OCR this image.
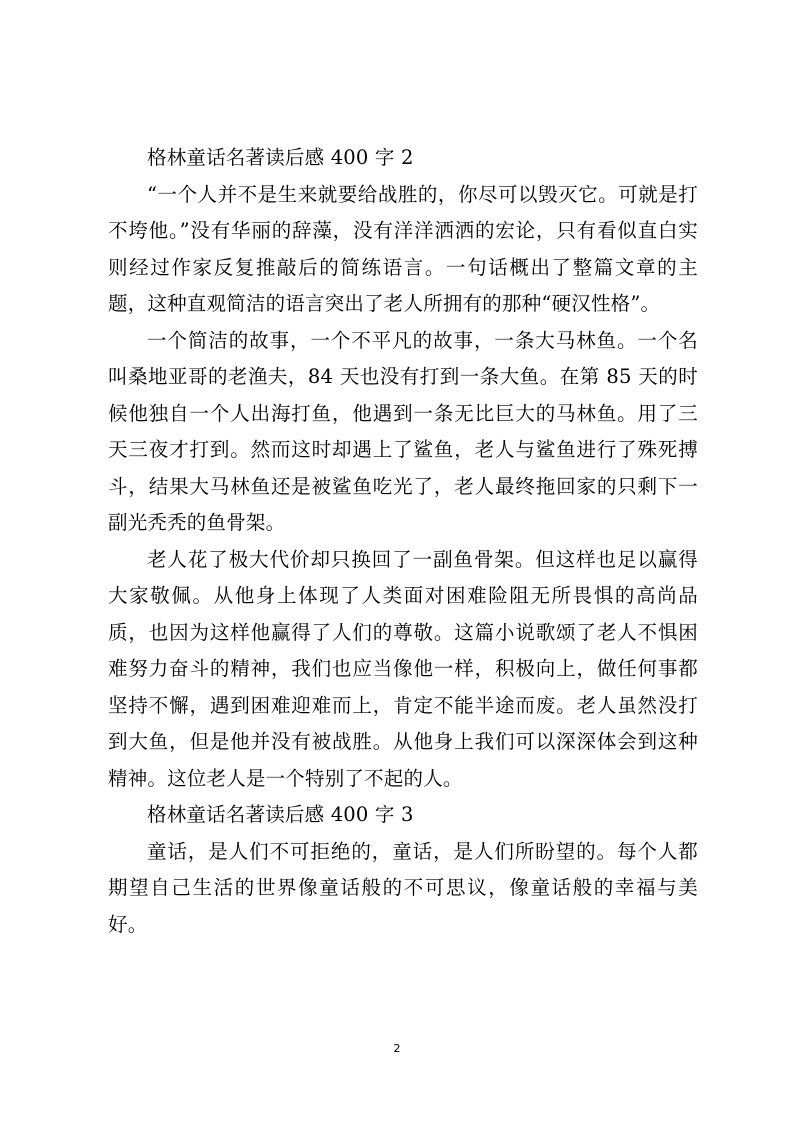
格林童话名著读后感 400 字 2

“一个人并不是生来就要给战胜的，你尽可以毁灭它。可就是打不垮他。”没有华丽的辞藻，没有洋洋洒洒的宏论，只有看似直白实则经过作家反复推敲后的简练语言。一句话概出了整篇文章的主题，这种直观简洁的语言突出了老人所拥有的那种“硬汉性格”。

一个简洁的故事，一个不平凡的故事，一条大马林鱼。一个名叫桑地亚哥的老渔夫，84 天也没有打到一条大鱼。在第 85 天的时候他独自一个人出海打鱼，他遇到一条无比巨大的马林鱼。用了三天三夜才打到。然而这时却遇上了鲨鱼，老人与鲨鱼进行了殊死搏斗，结果大马林鱼还是被鲨鱼吃光了，老人最终拖回家的只剩下一副光秃秃的鱼骨架。

老人花了极大代价却只换回了一副鱼骨架。但这样也足以赢得大家敬佩。从他身上体现了人类面对困难险阻无所畏惧的高尚品质，也因为这样他赢得了人们的尊敬。这篇小说歌颂了老人不惧困难努力奋斗的精神，我们也应当像他一样，积极向上，做任何事都坚持不懈，遇到困难迎难而上，肯定不能半途而废。老人虽然没打到大鱼，但是他并没有被战胜。从他身上我们可以深深体会到这种精神。这位老人是一个特别了不起的人。

格林童话名著读后感 400 字 3

童话，是人们不可拒绝的，童话，是人们所盼望的。每个人都期望自己生活的世界像童话般的不可思议，像童话般的幸福与美好。

2
